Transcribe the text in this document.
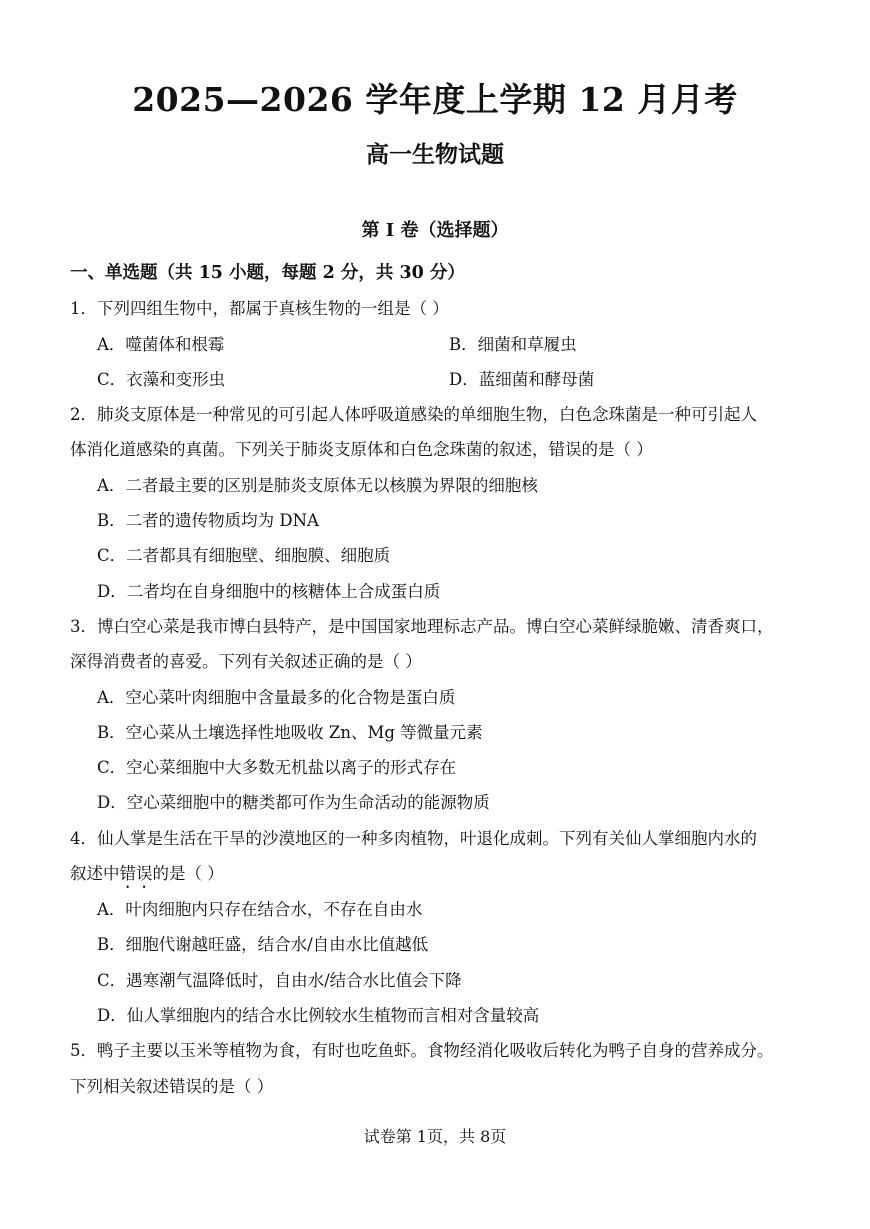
2025—2026 学年度上学期 12 月月考
高一生物试题
第 I 卷（选择题）
一、单选题（共 15 小题，每题 2 分，共 30 分）
1．下列四组生物中，都属于真核生物的一组是（ ）
A．噬菌体和根霉	B．细菌和草履虫
C．衣藻和变形虫	D．蓝细菌和酵母菌
2．肺炎支原体是一种常见的可引起人体呼吸道感染的单细胞生物，白色念珠菌是一种可引起人
体消化道感染的真菌。下列关于肺炎支原体和白色念珠菌的叙述，错误的是（ ）
A．二者最主要的区别是肺炎支原体无以核膜为界限的细胞核
B．二者的遗传物质均为 DNA
C．二者都具有细胞壁、细胞膜、细胞质
D．二者均在自身细胞中的核糖体上合成蛋白质
3．博白空心菜是我市博白县特产，是中国国家地理标志产品。博白空心菜鲜绿脆嫩、清香爽口，
深得消费者的喜爱。下列有关叙述正确的是（ ）
A．空心菜叶肉细胞中含量最多的化合物是蛋白质
B．空心菜从土壤选择性地吸收 Zn、Mg 等微量元素
C．空心菜细胞中大多数无机盐以离子的形式存在
D．空心菜细胞中的糖类都可作为生命活动的能源物质
4．仙人掌是生活在干旱的沙漠地区的一种多肉植物，叶退化成刺。下列有关仙人掌细胞内水的
叙述中错误的是（ ）
A．叶肉细胞内只存在结合水，不存在自由水
B．细胞代谢越旺盛，结合水/自由水比值越低
C．遇寒潮气温降低时，自由水/结合水比值会下降
D．仙人掌细胞内的结合水比例较水生植物而言相对含量较高
5．鸭子主要以玉米等植物为食，有时也吃鱼虾。食物经消化吸收后转化为鸭子自身的营养成分。
下列相关叙述错误的是（ ）
试卷第 1页，共 8页
